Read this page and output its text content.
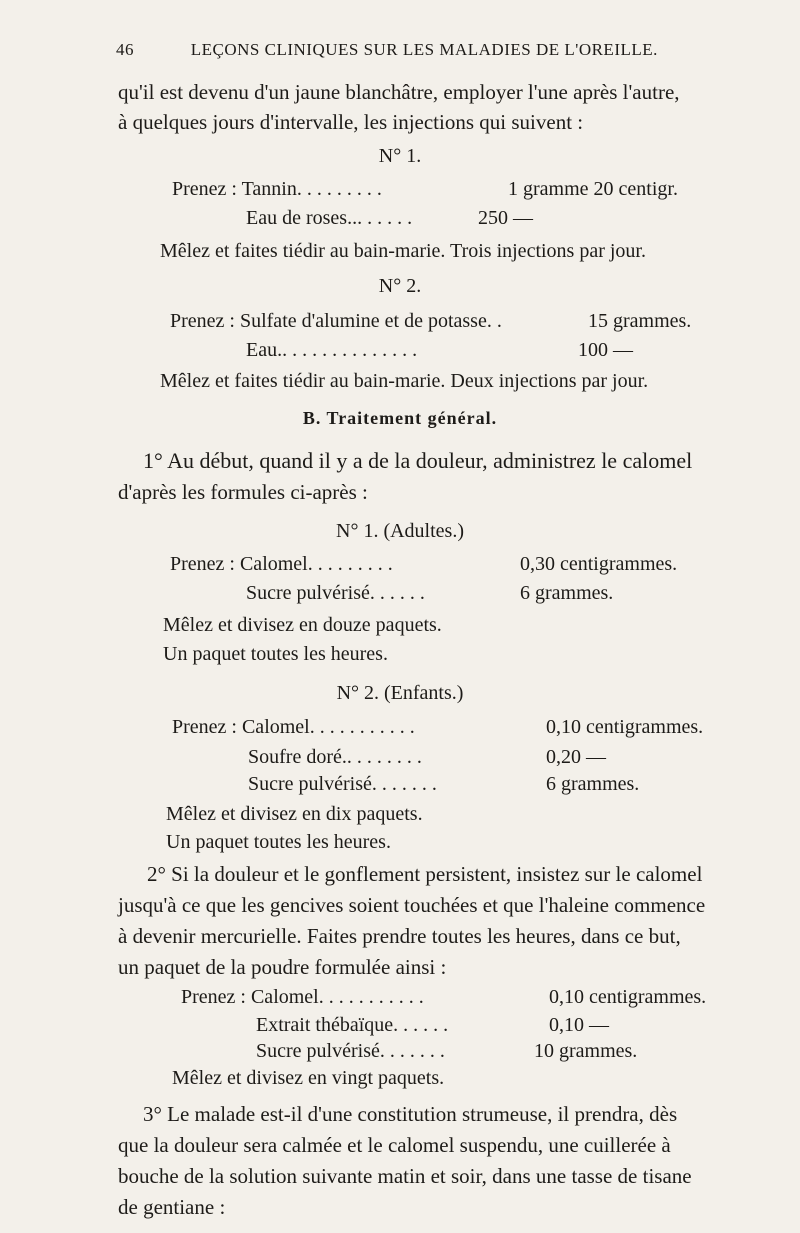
46	LEÇONS CLINIQUES SUR LES MALADIES DE L'OREILLE.
qu'il est devenu d'un jaune blanchâtre, employer l'une après l'autre,
à quelques jours d'intervalle, les injections qui suivent :
N° 1.
Prenez : Tannin. . . . . . . . .	1 gramme 20 centigr.
Eau de roses... . . . . .	250 —
Mêlez et faites tiédir au bain-marie. Trois injections par jour.
N° 2.
Prenez : Sulfate d'alumine et de potasse. .	15 grammes.
Eau.. . . . . . . . . . . . . .	100 —
Mêlez et faites tiédir au bain-marie. Deux injections par jour.
B. Traitement général.
1° Au début, quand il y a de la douleur, administrez le calomel
d'après les formules ci-après :
N° 1. (Adultes.)
Prenez : Calomel. . . . . . . . .	0,30 centigrammes.
Sucre pulvérisé. . . . . .	6 grammes.
Mêlez et divisez en douze paquets.
Un paquet toutes les heures.
N° 2. (Enfants.)
Prenez : Calomel. . . . . . . . . . .	0,10 centigrammes.
Soufre doré.. . . . . . . .	0,20 —
Sucre pulvérisé. . . . . . .	6 grammes.
Mêlez et divisez en dix paquets.
Un paquet toutes les heures.
2° Si la douleur et le gonflement persistent, insistez sur le calomel
jusqu'à ce que les gencives soient touchées et que l'haleine commence
à devenir mercurielle. Faites prendre toutes les heures, dans ce but,
un paquet de la poudre formulée ainsi :
Prenez : Calomel. . . . . . . . . . .	0,10 centigrammes.
Extrait thébaïque. . . . . .	0,10 —
Sucre pulvérisé. . . . . . .	10 grammes.
Mêlez et divisez en vingt paquets.
3° Le malade est-il d'une constitution strumeuse, il prendra, dès
que la douleur sera calmée et le calomel suspendu, une cuillerée à
bouche de la solution suivante matin et soir, dans une tasse de tisane
de gentiane :
